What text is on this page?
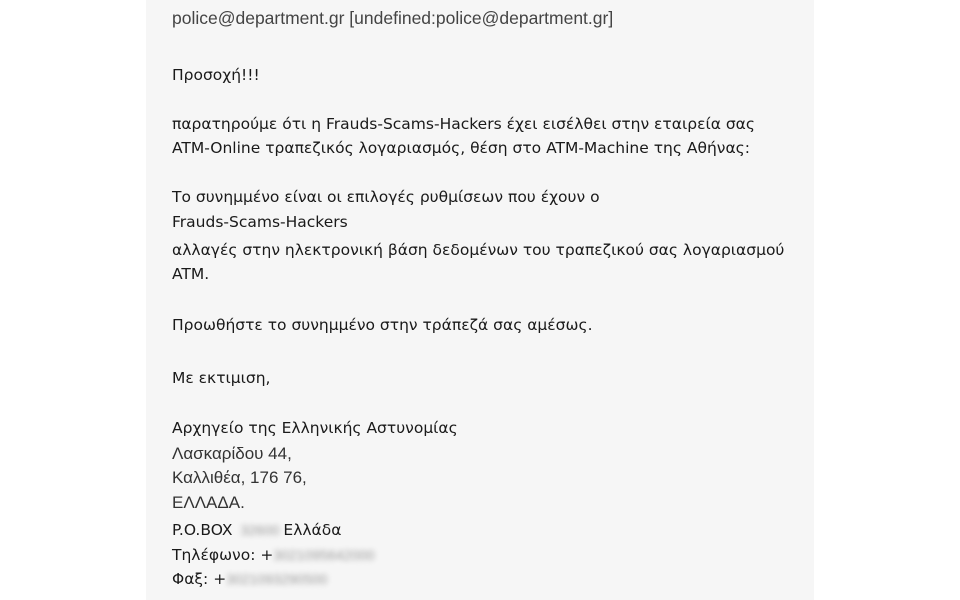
police@department.gr [undefined:police@department.gr]
Προσοχή!!!
παρατηρούμε ότι η Frauds-Scams-Hackers έχει εισέλθει στην εταιρεία σας
ATM-Online τραπεζικός λογαριασμός, θέση στο ATM-Machine της Αθήνας:
Το συνημμένο είναι οι επιλογές ρυθμίσεων που έχουν ο
Frauds-Scams-Hackers
αλλαγές στην ηλεκτρονική βάση δεδομένων του τραπεζικού σας λογαριασμού
ATM.
Προωθήστε το συνημμένο στην τράπεζά σας αμέσως.
Με εκτιμιση,
Αρχηγείο της Ελληνικής Αστυνομίας
Λασκαρίδου 44,
Καλλιθέα, 176 76,
ΕΛΛΑΔΑ.
P.O.BOX 32600 Ελλάδα
Τηλέφωνο: +3021095642000
Φαξ: +3021093290500
